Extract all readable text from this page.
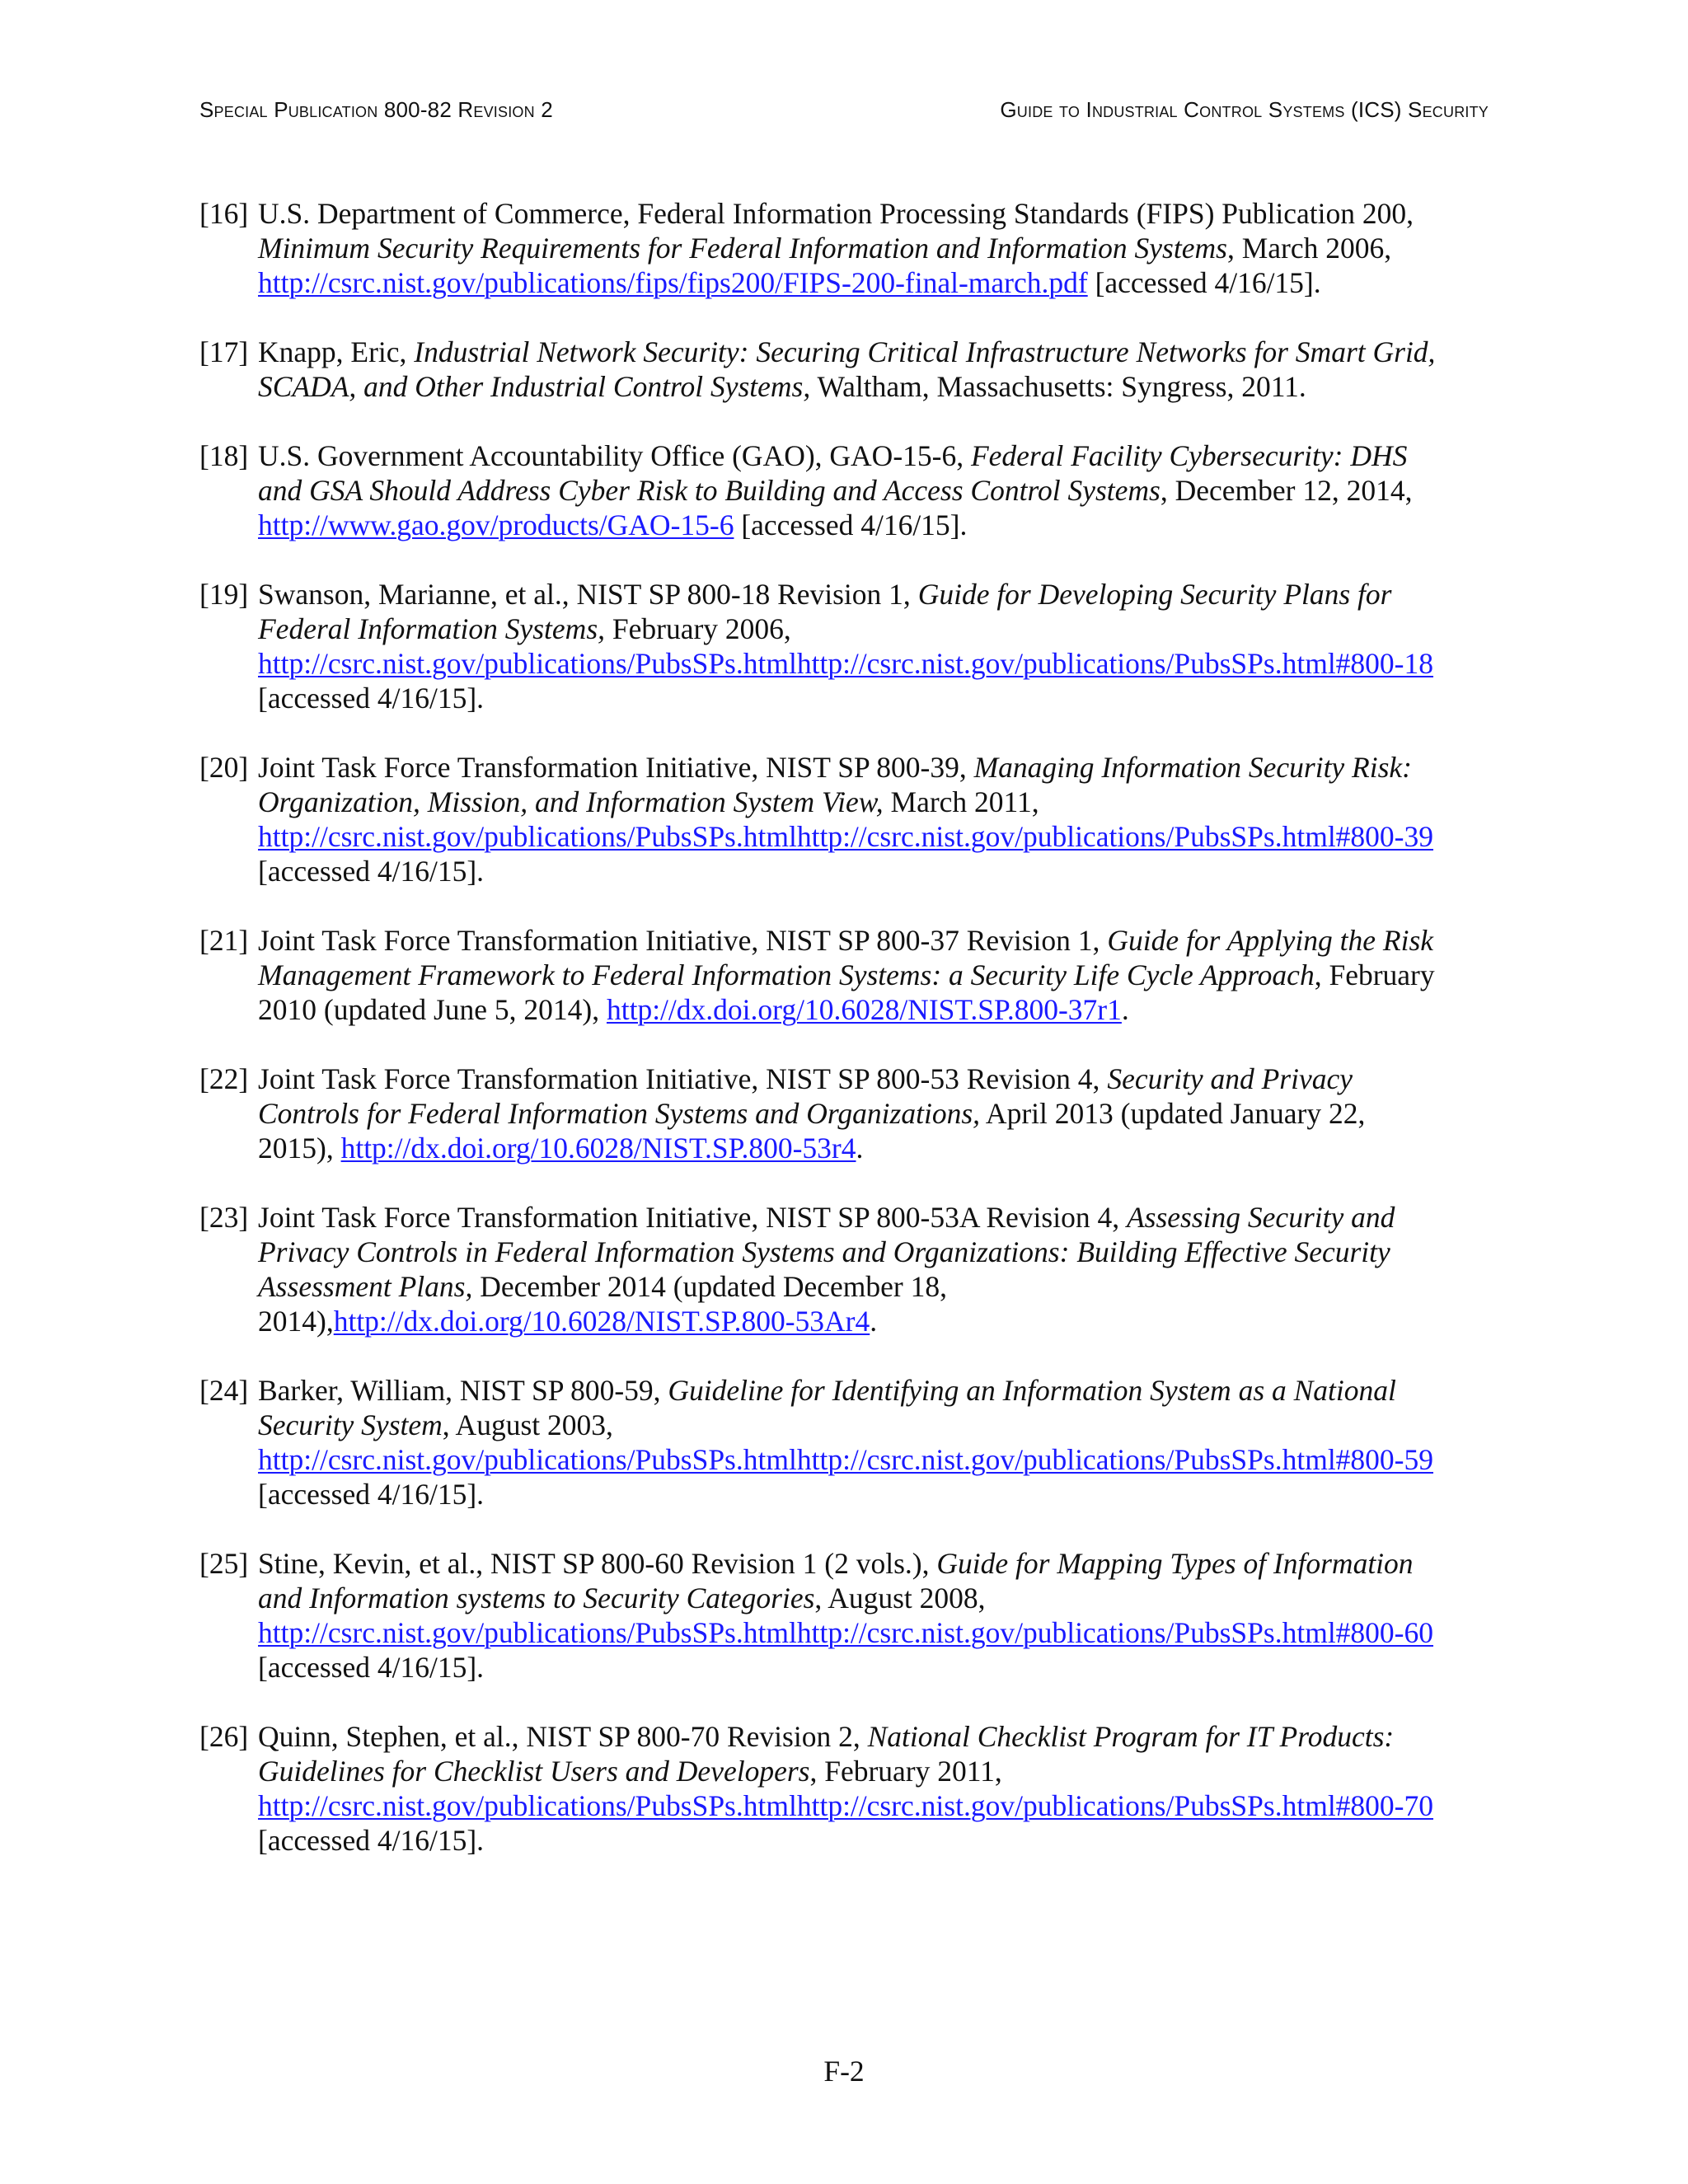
Special Publication 800-82 Revision 2	Guide to Industrial Control Systems (ICS) Security
[16] U.S. Department of Commerce, Federal Information Processing Standards (FIPS) Publication 200,
Minimum Security Requirements for Federal Information and Information Systems, March 2006,
http://csrc.nist.gov/publications/fips/fips200/FIPS-200-final-march.pdf [accessed 4/16/15].
[17] Knapp, Eric, Industrial Network Security: Securing Critical Infrastructure Networks for Smart Grid,
SCADA, and Other Industrial Control Systems, Waltham, Massachusetts: Syngress, 2011.
[18] U.S. Government Accountability Office (GAO), GAO-15-6, Federal Facility Cybersecurity: DHS
and GSA Should Address Cyber Risk to Building and Access Control Systems, December 12, 2014,
http://www.gao.gov/products/GAO-15-6 [accessed 4/16/15].
[19] Swanson, Marianne, et al., NIST SP 800-18 Revision 1, Guide for Developing Security Plans for
Federal Information Systems, February 2006,
http://csrc.nist.gov/publications/PubsSPs.htmlhttp://csrc.nist.gov/publications/PubsSPs.html#800-18
[accessed 4/16/15].
[20] Joint Task Force Transformation Initiative, NIST SP 800-39, Managing Information Security Risk:
Organization, Mission, and Information System View, March 2011,
http://csrc.nist.gov/publications/PubsSPs.htmlhttp://csrc.nist.gov/publications/PubsSPs.html#800-39
[accessed 4/16/15].
[21] Joint Task Force Transformation Initiative, NIST SP 800-37 Revision 1, Guide for Applying the Risk
Management Framework to Federal Information Systems: a Security Life Cycle Approach, February
2010 (updated June 5, 2014), http://dx.doi.org/10.6028/NIST.SP.800-37r1.
[22] Joint Task Force Transformation Initiative, NIST SP 800-53 Revision 4, Security and Privacy
Controls for Federal Information Systems and Organizations, April 2013 (updated January 22,
2015), http://dx.doi.org/10.6028/NIST.SP.800-53r4.
[23] Joint Task Force Transformation Initiative, NIST SP 800-53A Revision 4, Assessing Security and
Privacy Controls in Federal Information Systems and Organizations: Building Effective Security
Assessment Plans, December 2014 (updated December 18,
2014),http://dx.doi.org/10.6028/NIST.SP.800-53Ar4.
[24] Barker, William, NIST SP 800-59, Guideline for Identifying an Information System as a National
Security System, August 2003,
http://csrc.nist.gov/publications/PubsSPs.htmlhttp://csrc.nist.gov/publications/PubsSPs.html#800-59
[accessed 4/16/15].
[25] Stine, Kevin, et al., NIST SP 800-60 Revision 1 (2 vols.), Guide for Mapping Types of Information
and Information systems to Security Categories, August 2008,
http://csrc.nist.gov/publications/PubsSPs.htmlhttp://csrc.nist.gov/publications/PubsSPs.html#800-60
[accessed 4/16/15].
[26] Quinn, Stephen, et al., NIST SP 800-70 Revision 2, National Checklist Program for IT Products:
Guidelines for Checklist Users and Developers, February 2011,
http://csrc.nist.gov/publications/PubsSPs.htmlhttp://csrc.nist.gov/publications/PubsSPs.html#800-70
[accessed 4/16/15].
F-2
